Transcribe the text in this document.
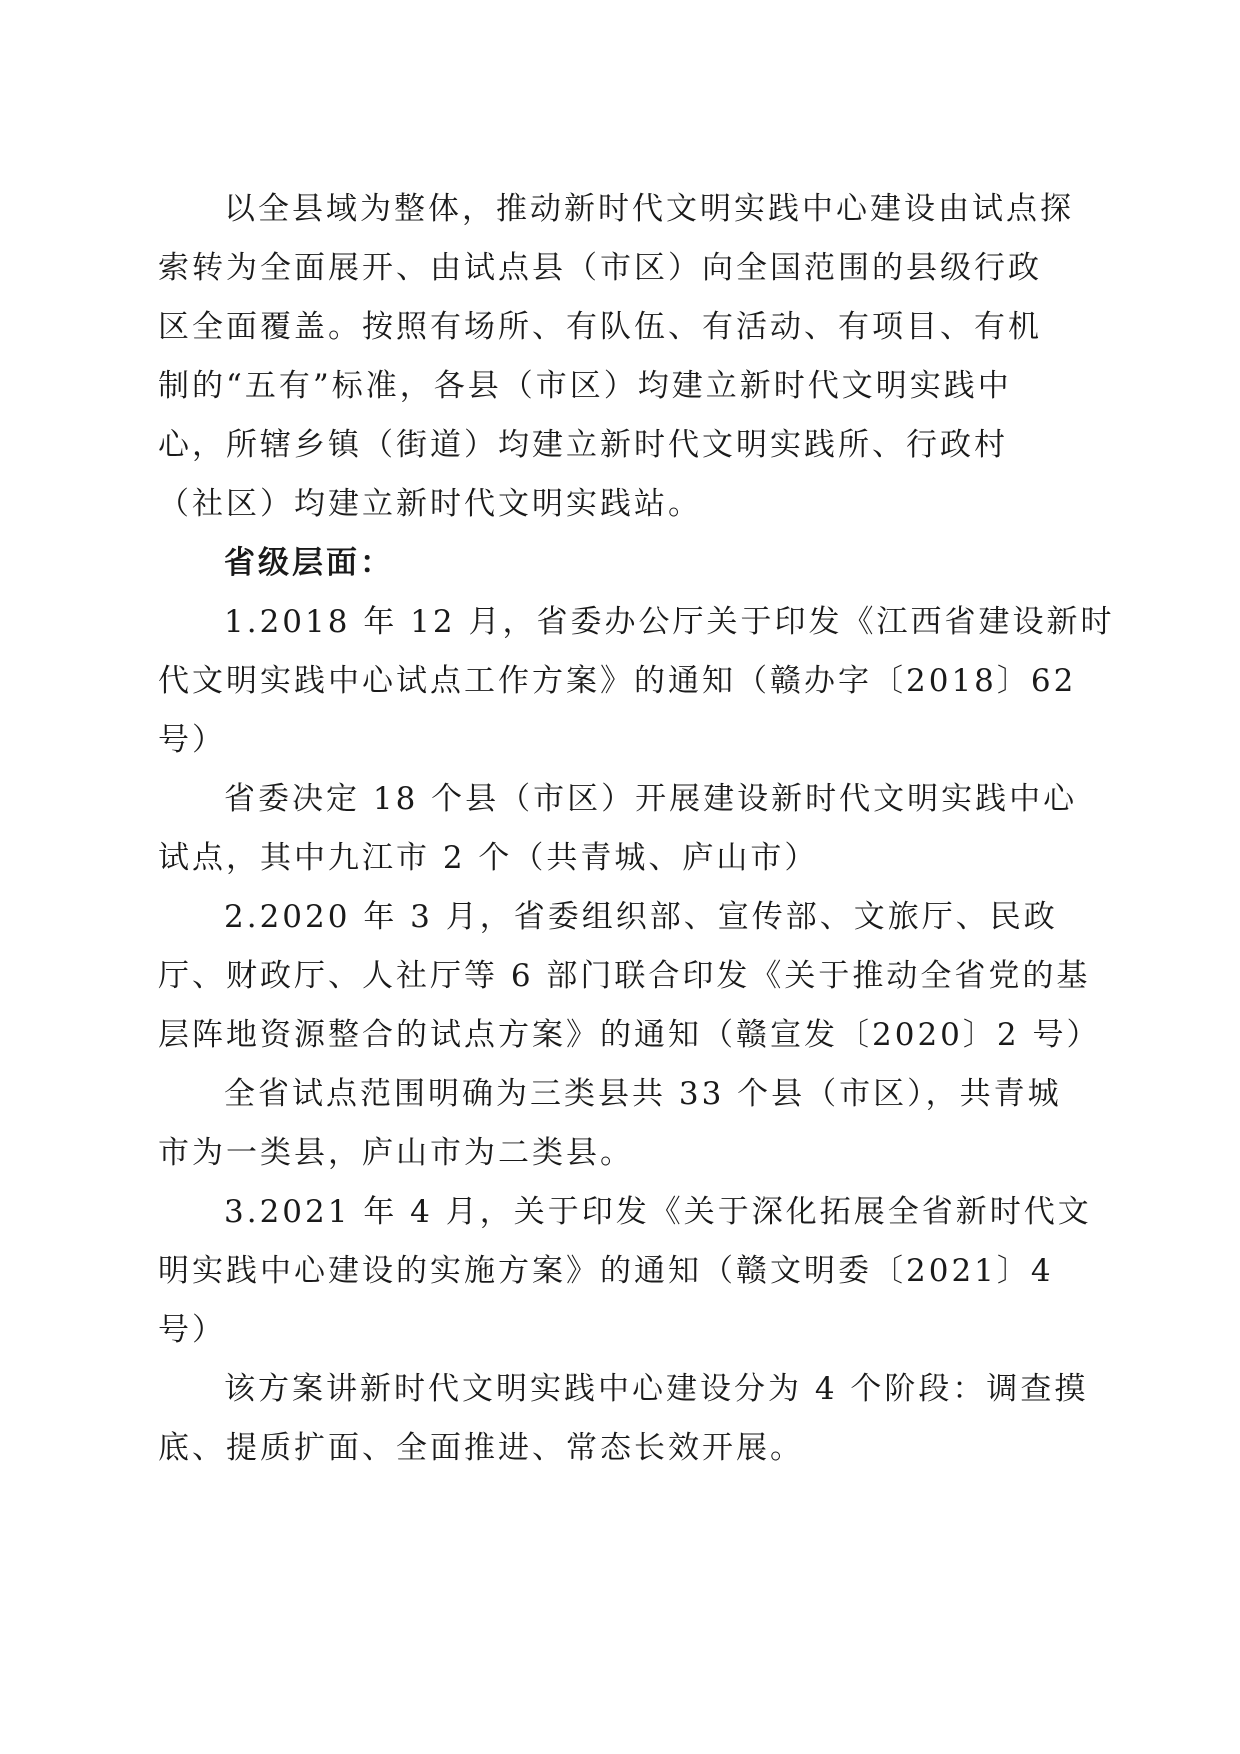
以全县域为整体，推动新时代文明实践中心建设由试点探
索转为全面展开、由试点县（市区）向全国范围的县级行政
区全面覆盖。按照有场所、有队伍、有活动、有项目、有机
制的“五有”标准，各县（市区）均建立新时代文明实践中
心，所辖乡镇（街道）均建立新时代文明实践所、行政村
（社区）均建立新时代文明实践站。
省级层面：
1.2018 年 12 月，省委办公厅关于印发《江西省建设新时
代文明实践中心试点工作方案》的通知（赣办字〔2018〕62
号）
省委决定 18 个县（市区）开展建设新时代文明实践中心
试点，其中九江市 2 个（共青城、庐山市）
2.2020 年 3 月，省委组织部、宣传部、文旅厅、民政
厅、财政厅、人社厅等 6 部门联合印发《关于推动全省党的基
层阵地资源整合的试点方案》的通知（赣宣发〔2020〕2 号）
全省试点范围明确为三类县共 33 个县（市区），共青城
市为一类县，庐山市为二类县。
3.2021 年 4 月，关于印发《关于深化拓展全省新时代文
明实践中心建设的实施方案》的通知（赣文明委〔2021〕4
号）
该方案讲新时代文明实践中心建设分为 4 个阶段：调查摸
底、提质扩面、全面推进、常态长效开展。
